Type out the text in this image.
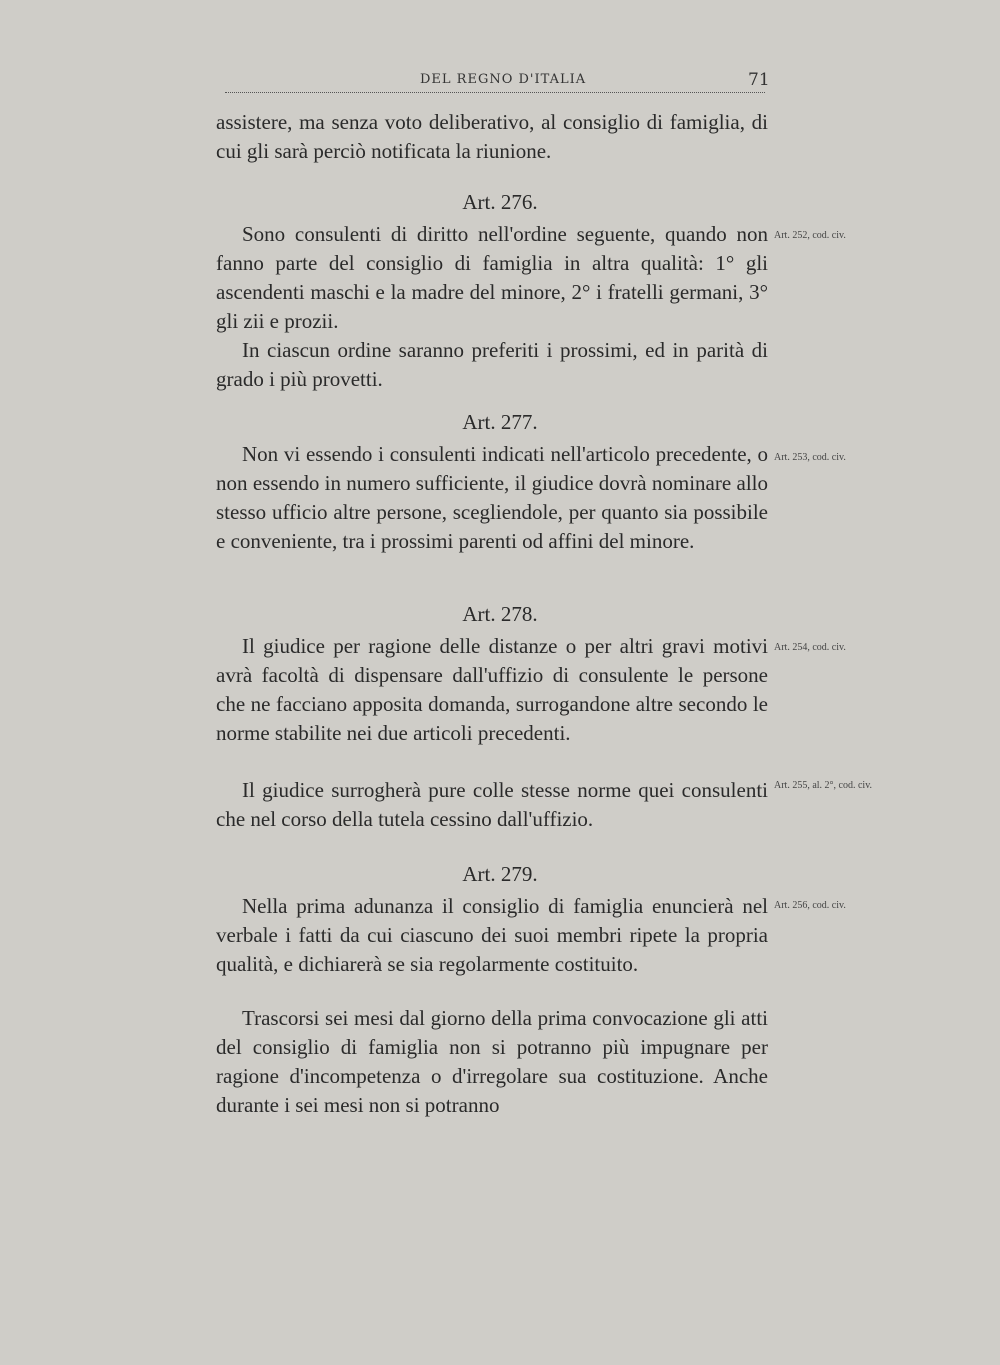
DEL REGNO D'ITALIA	71
assistere, ma senza voto deliberativo, al consiglio di famiglia, di cui gli sarà perciò notificata la riunione.
Art. 276.
Sono consulenti di diritto nell'ordine seguente, quando non fanno parte del consiglio di famiglia in altra qualità: 1° gli ascendenti maschi e la madre del minore, 2° i fratelli germani, 3° gli zii e prozii.
In ciascun ordine saranno preferiti i prossimi, ed in parità di grado i più provetti.
Art. 252, cod. civ.
Art. 277.
Non vi essendo i consulenti indicati nell'articolo precedente, o non essendo in numero sufficiente, il giudice dovrà nominare allo stesso ufficio altre persone, scegliendole, per quanto sia possibile e conveniente, tra i prossimi parenti od affini del minore.
Art. 253, cod. civ.
Art. 278.
Il giudice per ragione delle distanze o per altri gravi motivi avrà facoltà di dispensare dall'uffizio di consulente le persone che ne facciano apposita domanda, surrogandone altre secondo le norme stabilite nei due articoli precedenti.
Il giudice surrogherà pure colle stesse norme quei consulenti che nel corso della tutela cessino dall'uffizio.
Art. 254, cod. civ.
Art. 255, al. 2°, cod. civ.
Art. 279.
Nella prima adunanza il consiglio di famiglia enuncierà nel verbale i fatti da cui ciascuno dei suoi membri ripete la propria qualità, e dichiarerà se sia regolarmente costituito.
Trascorsi sei mesi dal giorno della prima convocazione gli atti del consiglio di famiglia non si potranno più impugnare per ragione d'incompetenza o d'irregolare sua costituzione. Anche durante i sei mesi non si potranno
Art. 256, cod. civ.
